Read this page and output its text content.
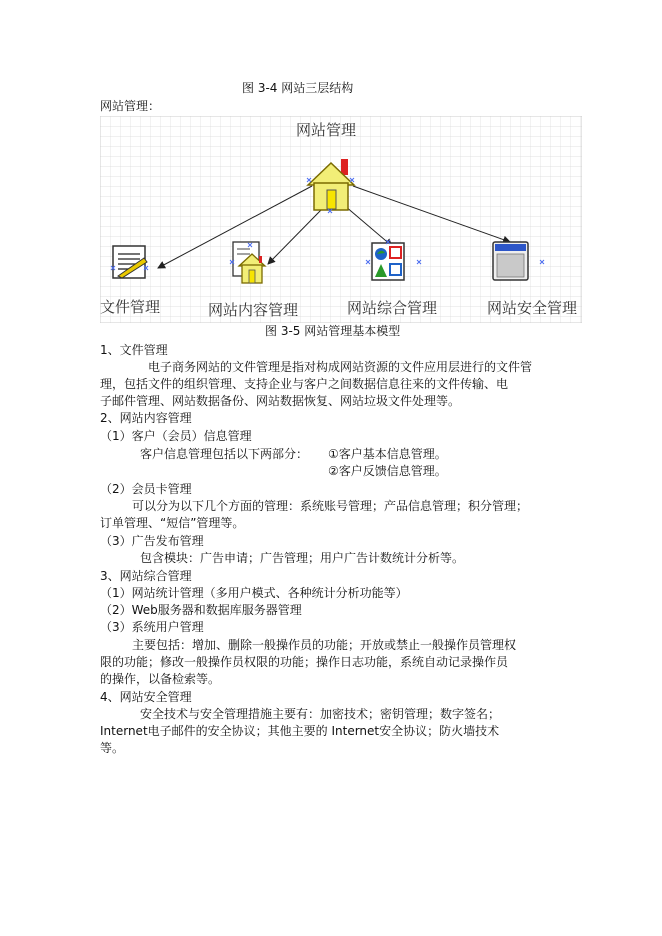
图 3-4 网站三层结构
网站管理：
网站管理
文件管理	网站内容管理	网站综合管理	网站安全管理
图 3-5 网站管理基本模型
1、文件管理
电子商务网站的文件管理是指对构成网站资源的文件应用层进行的文件管
理，包括文件的组织管理、支持企业与客户之间数据信息往来的文件传输、电
子邮件管理、网站数据备份、网站数据恢复、网站垃圾文件处理等。
2、网站内容管理
（1）客户（会员）信息管理
客户信息管理包括以下两部分： ①客户基本信息管理。
②客户反馈信息管理。
（2）会员卡管理
可以分为以下几个方面的管理：系统账号管理；产品信息管理；积分管理；
订单管理、“短信”管理等。
（3）广告发布管理
包含模块：广告申请；广告管理；用户广告计数统计分析等。
3、网站综合管理
（1）网站统计管理（多用户模式、各种统计分析功能等）
（2）Web服务器和数据库服务器管理
（3）系统用户管理
主要包括：增加、删除一般操作员的功能；开放或禁止一般操作员管理权
限的功能；修改一般操作员权限的功能；操作日志功能，系统自动记录操作员
的操作，以备检索等。
4、网站安全管理
安全技术与安全管理措施主要有：加密技术；密钥管理；数字签名；
Internet电子邮件的安全协议；其他主要的 Internet安全协议；防火墙技术
等。
